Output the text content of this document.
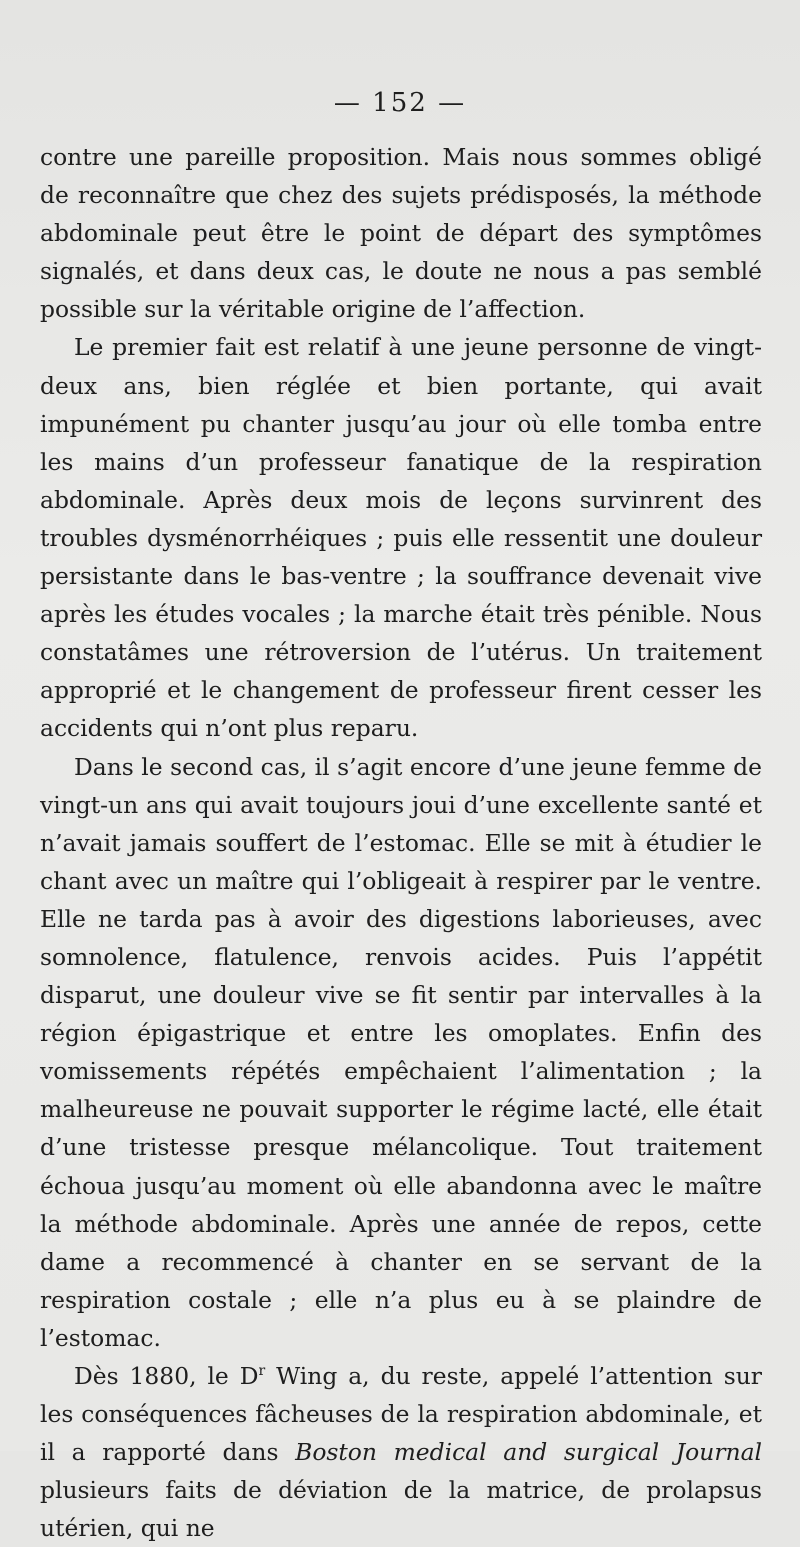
— 152 —

contre une pareille proposition. Mais nous sommes obligé de reconnaître que chez des sujets prédisposés, la méthode abdominale peut être le point de départ des symptômes signalés, et dans deux cas, le doute ne nous a pas semblé possible sur la véritable origine de l’affection.

Le premier fait est relatif à une jeune personne de vingt-deux ans, bien réglée et bien portante, qui avait impunément pu chanter jusqu’au jour où elle tomba entre les mains d’un professeur fanatique de la respiration abdominale. Après deux mois de leçons survinrent des troubles dysménorrhéiques ; puis elle ressentit une douleur persistante dans le bas-ventre ; la souffrance devenait vive après les études vocales ; la marche était très pénible. Nous constatâmes une rétroversion de l’utérus. Un traitement approprié et le changement de professeur firent cesser les accidents qui n’ont plus reparu.

Dans le second cas, il s’agit encore d’une jeune femme de vingt-un ans qui avait toujours joui d’une excellente santé et n’avait jamais souffert de l’estomac. Elle se mit à étudier le chant avec un maître qui l’obligeait à respirer par le ventre. Elle ne tarda pas à avoir des digestions laborieuses, avec somnolence, flatulence, renvois acides. Puis l’appétit disparut, une douleur vive se fit sentir par intervalles à la région épigastrique et entre les omoplates. Enfin des vomissements répétés empêchaient l’alimentation ; la malheureuse ne pouvait supporter le régime lacté, elle était d’une tristesse presque mélancolique. Tout traitement échoua jusqu’au moment où elle abandonna avec le maître la méthode abdominale. Après une année de repos, cette dame a recommencé à chanter en se servant de la respiration costale ; elle n’a plus eu à se plaindre de l’estomac.

Dès 1880, le $D^r$ Wing a, du reste, appelé l’attention sur les conséquences fâcheuses de la respiration abdominale, et il a rapporté dans Boston medical and surgical Journal plusieurs faits de déviation de la matrice, de prolapsus utérien, qui ne
